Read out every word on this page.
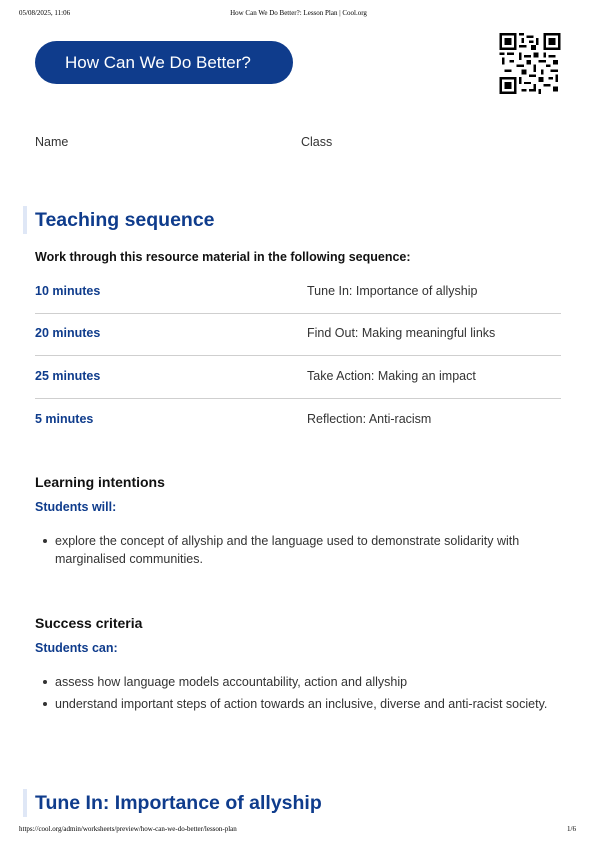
05/08/2025, 11:06	How Can We Do Better?: Lesson Plan | Cool.org
How Can We Do Better?
Name	Class
Teaching sequence
Work through this resource material in the following sequence:
10 minutes	Tune In: Importance of allyship
20 minutes	Find Out: Making meaningful links
25 minutes	Take Action: Making an impact
5 minutes	Reflection: Anti-racism
Learning intentions
Students will:
explore the concept of allyship and the language used to demonstrate solidarity with marginalised communities.
Success criteria
Students can:
assess how language models accountability, action and allyship
understand important steps of action towards an inclusive, diverse and anti-racist society.
Tune In: Importance of allyship
https://cool.org/admin/worksheets/preview/how-can-we-do-better/lesson-plan	1/6
